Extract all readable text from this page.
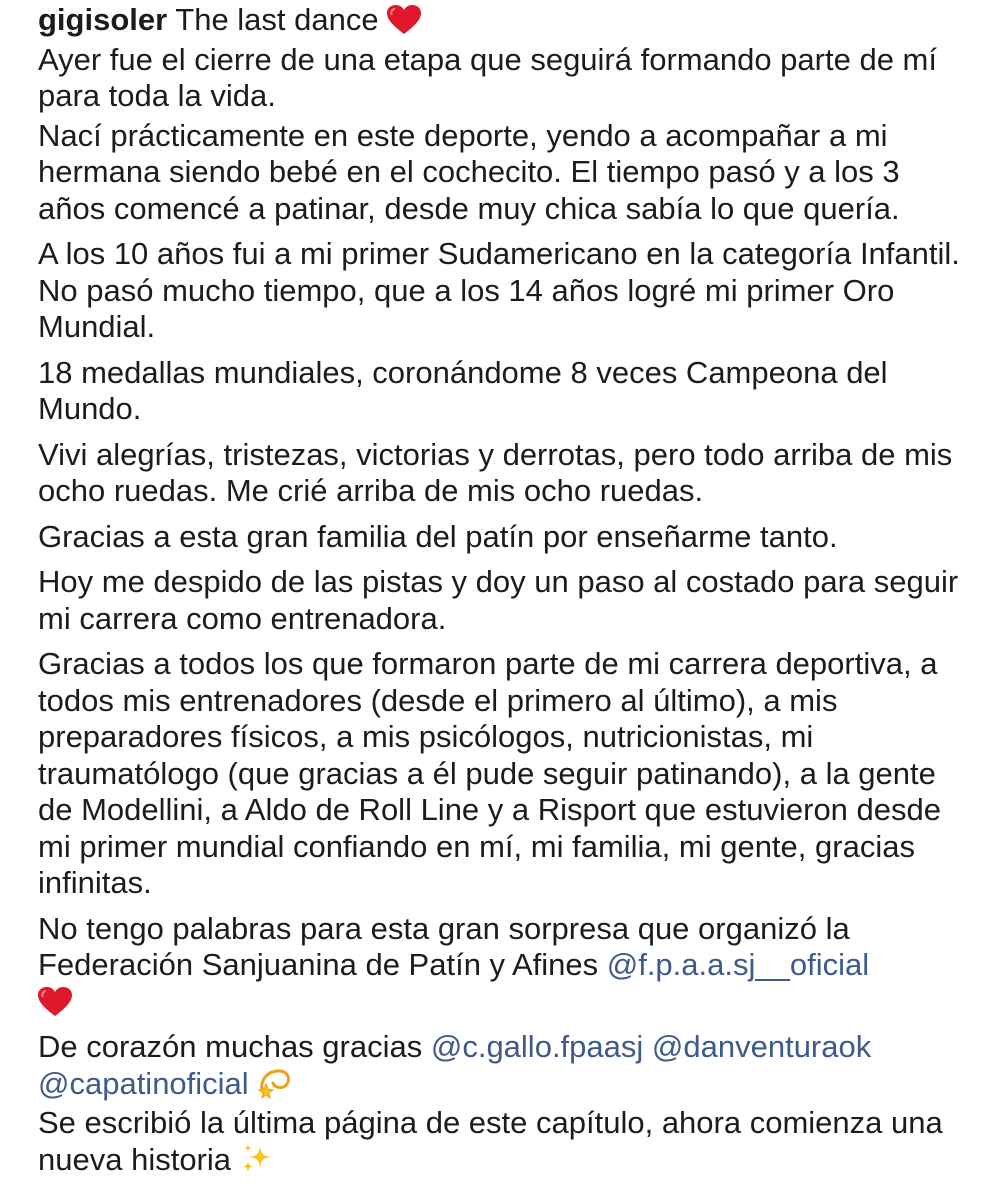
gigisoler The last dance

Ayer fue el cierre de una etapa que seguirá formando parte de mí para toda la vida.

Nací prácticamente en este deporte, yendo a acompañar a mi hermana siendo bebé en el cochecito. El tiempo pasó y a los 3 años comencé a patinar, desde muy chica sabía lo que quería.

A los 10 años fui a mi primer Sudamericano en la categoría Infantil. No pasó mucho tiempo, que a los 14 años logré mi primer Oro Mundial.

18 medallas mundiales, coronándome 8 veces Campeona del Mundo.

Vivi alegrías, tristezas, victorias y derrotas, pero todo arriba de mis ocho ruedas. Me crié arriba de mis ocho ruedas.

Gracias a esta gran familia del patín por enseñarme tanto.

Hoy me despido de las pistas y doy un paso al costado para seguir mi carrera como entrenadora.

Gracias a todos los que formaron parte de mi carrera deportiva, a todos mis entrenadores (desde el primero al último), a mis preparadores físicos, a mis psicólogos, nutricionistas, mi traumatólogo (que gracias a él pude seguir patinando), a la gente de Modellini, a Aldo de Roll Line y a Risport que estuvieron desde mi primer mundial confiando en mí, mi familia, mi gente, gracias infinitas.

No tengo palabras para esta gran sorpresa que organizó la Federación Sanjuanina de Patín y Afines @f.p.a.a.sj__oficial

De corazón muchas gracias @c.gallo.fpaasj @danventuraok @capatinoficial

Se escribió la última página de este capítulo, ahora comienza una nueva historia
